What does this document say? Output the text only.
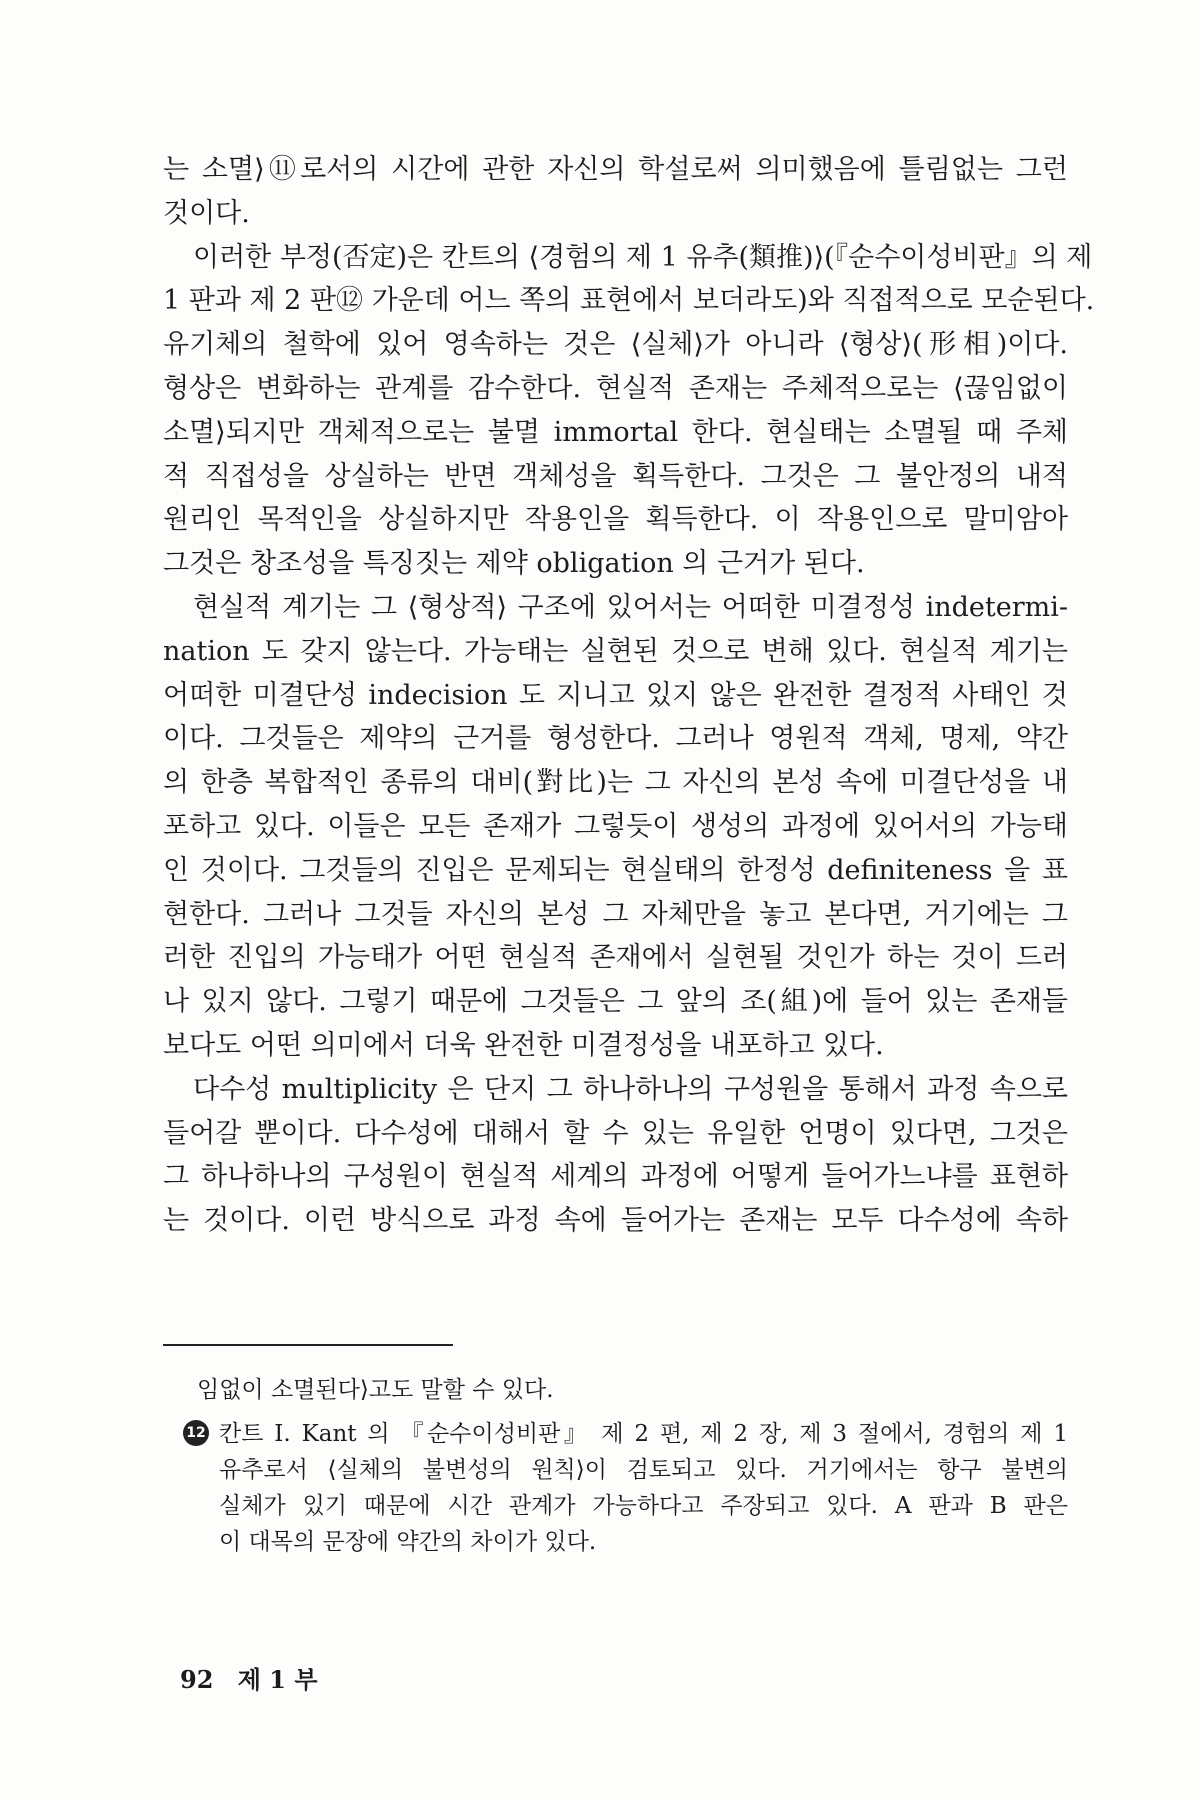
는 소멸⟩⑪로서의 시간에 관한 자신의 학설로써 의미했음에 틀림없는 그런
것이다.
이러한 부정(否定)은 칸트의 ⟨경험의 제 1 유추(類推)⟩(『순수이성비판』의 제
1 판과 제 2 판⑫ 가운데 어느 쪽의 표현에서 보더라도)와 직접적으로 모순된다.
유기체의 철학에 있어 영속하는 것은 ⟨실체⟩가 아니라 ⟨형상⟩(形相)이다.
형상은 변화하는 관계를 감수한다. 현실적 존재는 주체적으로는 ⟨끊임없이
소멸⟩되지만 객체적으로는 불멸 immortal 한다. 현실태는 소멸될 때 주체
적 직접성을 상실하는 반면 객체성을 획득한다. 그것은 그 불안정의 내적
원리인 목적인을 상실하지만 작용인을 획득한다. 이 작용인으로 말미암아
그것은 창조성을 특징짓는 제약 obligation 의 근거가 된다.
현실적 계기는 그 ⟨형상적⟩ 구조에 있어서는 어떠한 미결정성 indetermi-
nation 도 갖지 않는다. 가능태는 실현된 것으로 변해 있다. 현실적 계기는
어떠한 미결단성 indecision 도 지니고 있지 않은 완전한 결정적 사태인 것
이다. 그것들은 제약의 근거를 형성한다. 그러나 영원적 객체, 명제, 약간
의 한층 복합적인 종류의 대비(對比)는 그 자신의 본성 속에 미결단성을 내
포하고 있다. 이들은 모든 존재가 그렇듯이 생성의 과정에 있어서의 가능태
인 것이다. 그것들의 진입은 문제되는 현실태의 한정성 definiteness 을 표
현한다. 그러나 그것들 자신의 본성 그 자체만을 놓고 본다면, 거기에는 그
러한 진입의 가능태가 어떤 현실적 존재에서 실현될 것인가 하는 것이 드러
나 있지 않다. 그렇기 때문에 그것들은 그 앞의 조(組)에 들어 있는 존재들
보다도 어떤 의미에서 더욱 완전한 미결정성을 내포하고 있다.
다수성 multiplicity 은 단지 그 하나하나의 구성원을 통해서 과정 속으로
들어갈 뿐이다. 다수성에 대해서 할 수 있는 유일한 언명이 있다면, 그것은
그 하나하나의 구성원이 현실적 세계의 과정에 어떻게 들어가느냐를 표현하
는 것이다. 이런 방식으로 과정 속에 들어가는 존재는 모두 다수성에 속하
임없이 소멸된다⟩고도 말할 수 있다.
12 칸트 I. Kant 의 『순수이성비판』 제 2 편, 제 2 장, 제 3 절에서, 경험의 제 1
유추로서 ⟨실체의 불변성의 원칙⟩이 검토되고 있다. 거기에서는 항구 불변의
실체가 있기 때문에 시간 관계가 가능하다고 주장되고 있다. A 판과 B 판은
이 대목의 문장에 약간의 차이가 있다.
92 제 1 부
